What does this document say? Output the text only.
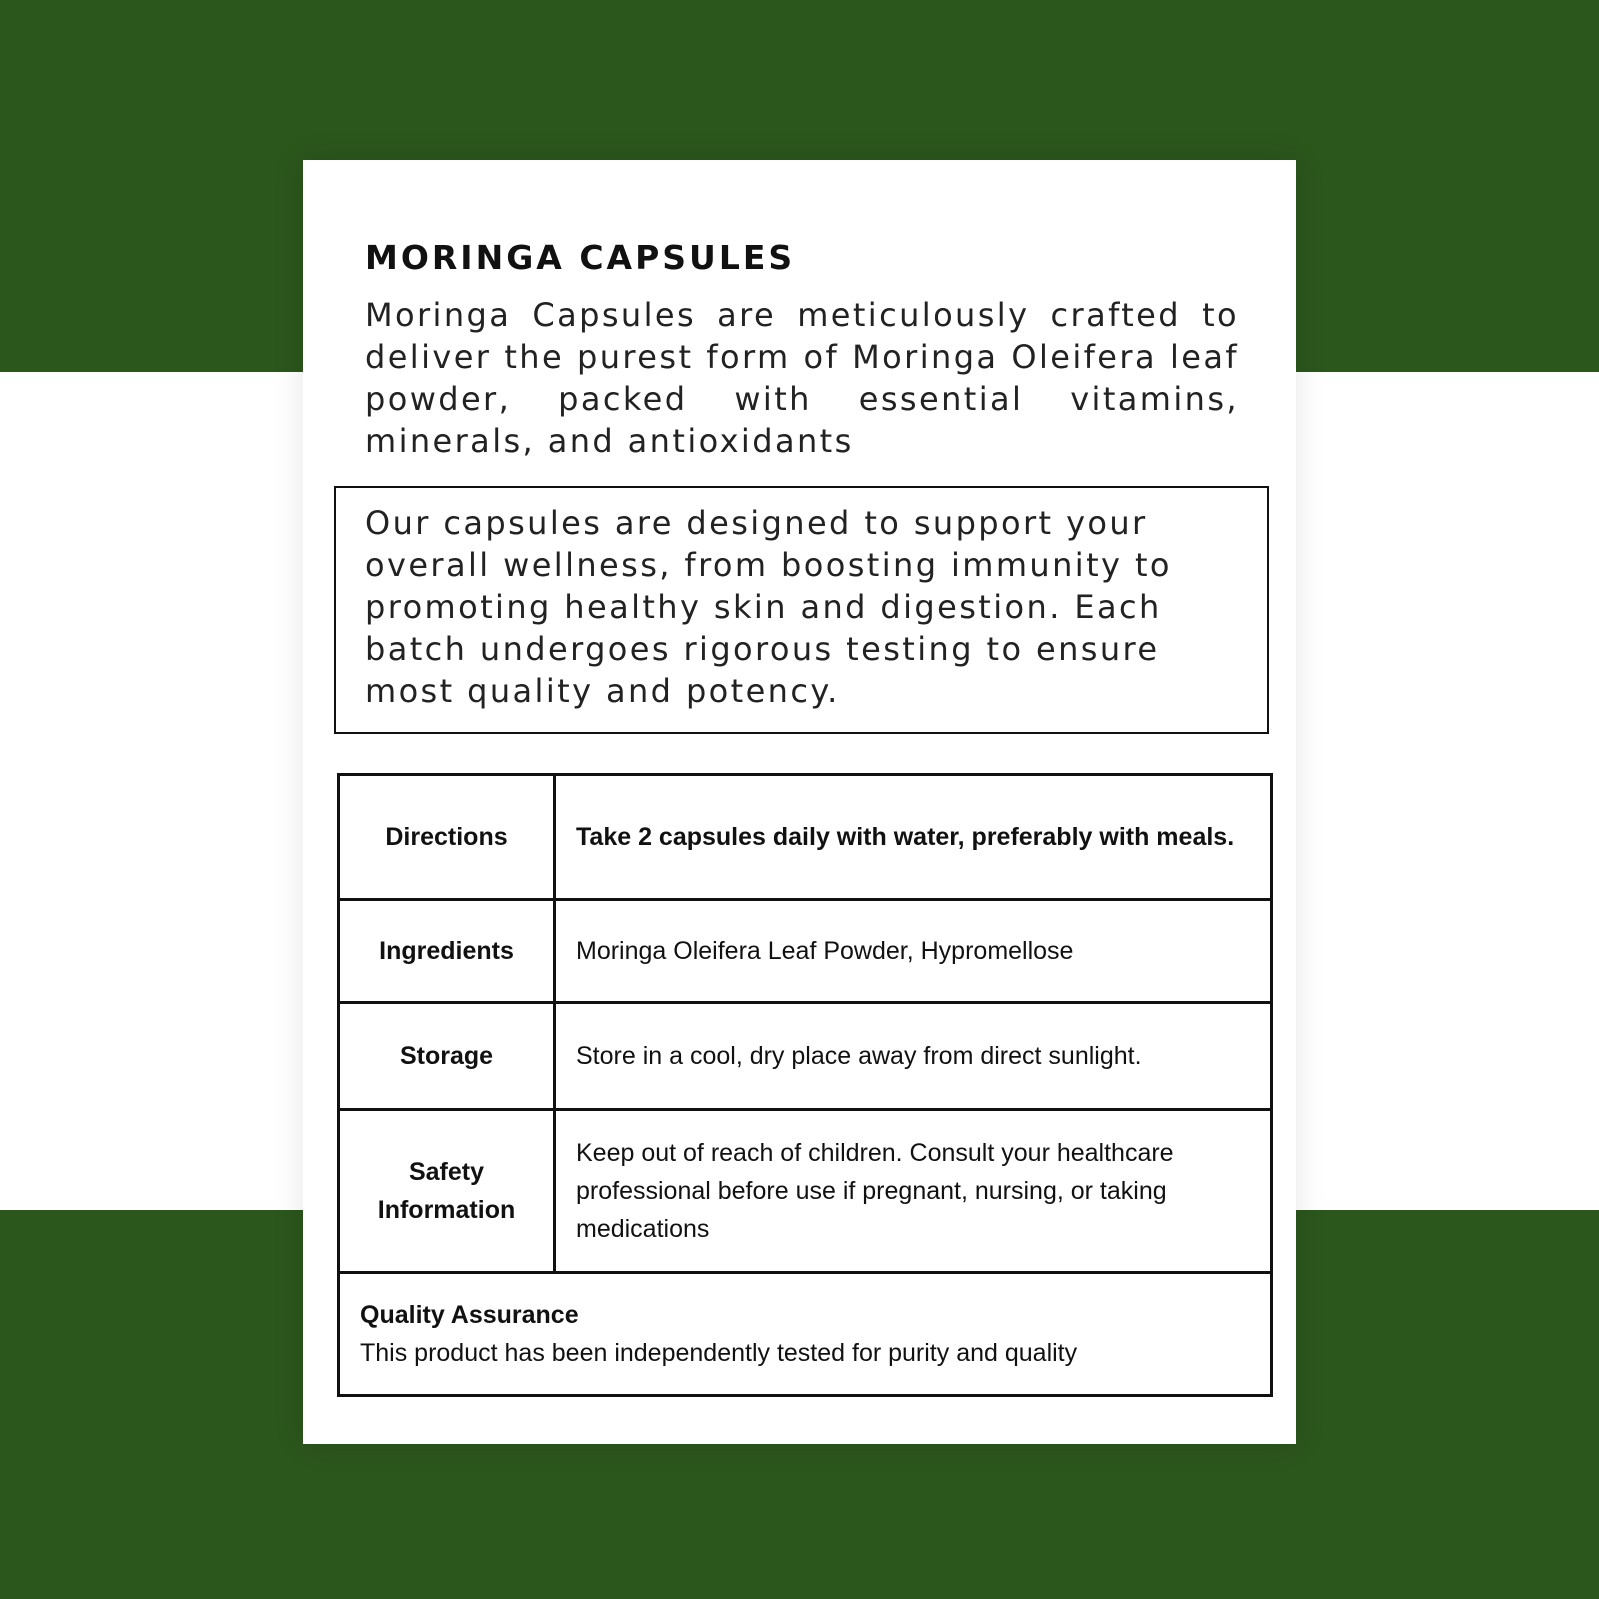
MORINGA CAPSULES

Moringa Capsules are meticulously crafted to deliver the purest form of Moringa Oleifera leaf powder, packed with essential vitamins, minerals, and antioxidants

Our capsules are designed to support your overall wellness, from boosting immunity to promoting healthy skin and digestion. Each batch undergoes rigorous testing to ensure most quality and potency.

Directions	Take 2 capsules daily with water, preferably with meals.
Ingredients	Moringa Oleifera Leaf Powder, Hypromellose
Storage	Store in a cool, dry place away from direct sunlight.
Safety Information	Keep out of reach of children. Consult your healthcare professional before use if pregnant, nursing, or taking medications

Quality Assurance
This product has been independently tested for purity and quality	
